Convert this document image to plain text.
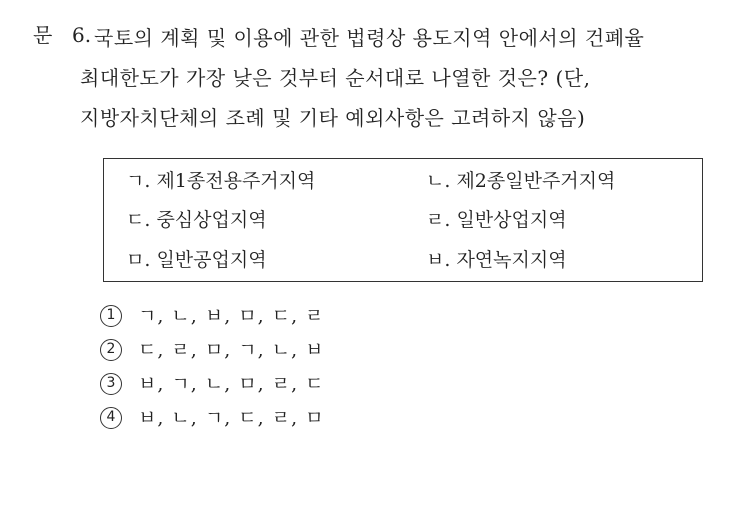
문 6. 국토의 계획 및 이용에 관한 법령상 용도지역 안에서의 건폐율
최대한도가 가장 낮은 것부터 순서대로 나열한 것은? (단,
지방자치단체의 조례 및 기타 예외사항은 고려하지 않음)
ㄱ. 제1종전용주거지역	ㄴ. 제2종일반주거지역
ㄷ. 중심상업지역	ㄹ. 일반상업지역
ㅁ. 일반공업지역	ㅂ. 자연녹지지역
1	ㄱ, ㄴ, ㅂ, ㅁ, ㄷ, ㄹ
2	ㄷ, ㄹ, ㅁ, ㄱ, ㄴ, ㅂ
3	ㅂ, ㄱ, ㄴ, ㅁ, ㄹ, ㄷ
4	ㅂ, ㄴ, ㄱ, ㄷ, ㄹ, ㅁ
